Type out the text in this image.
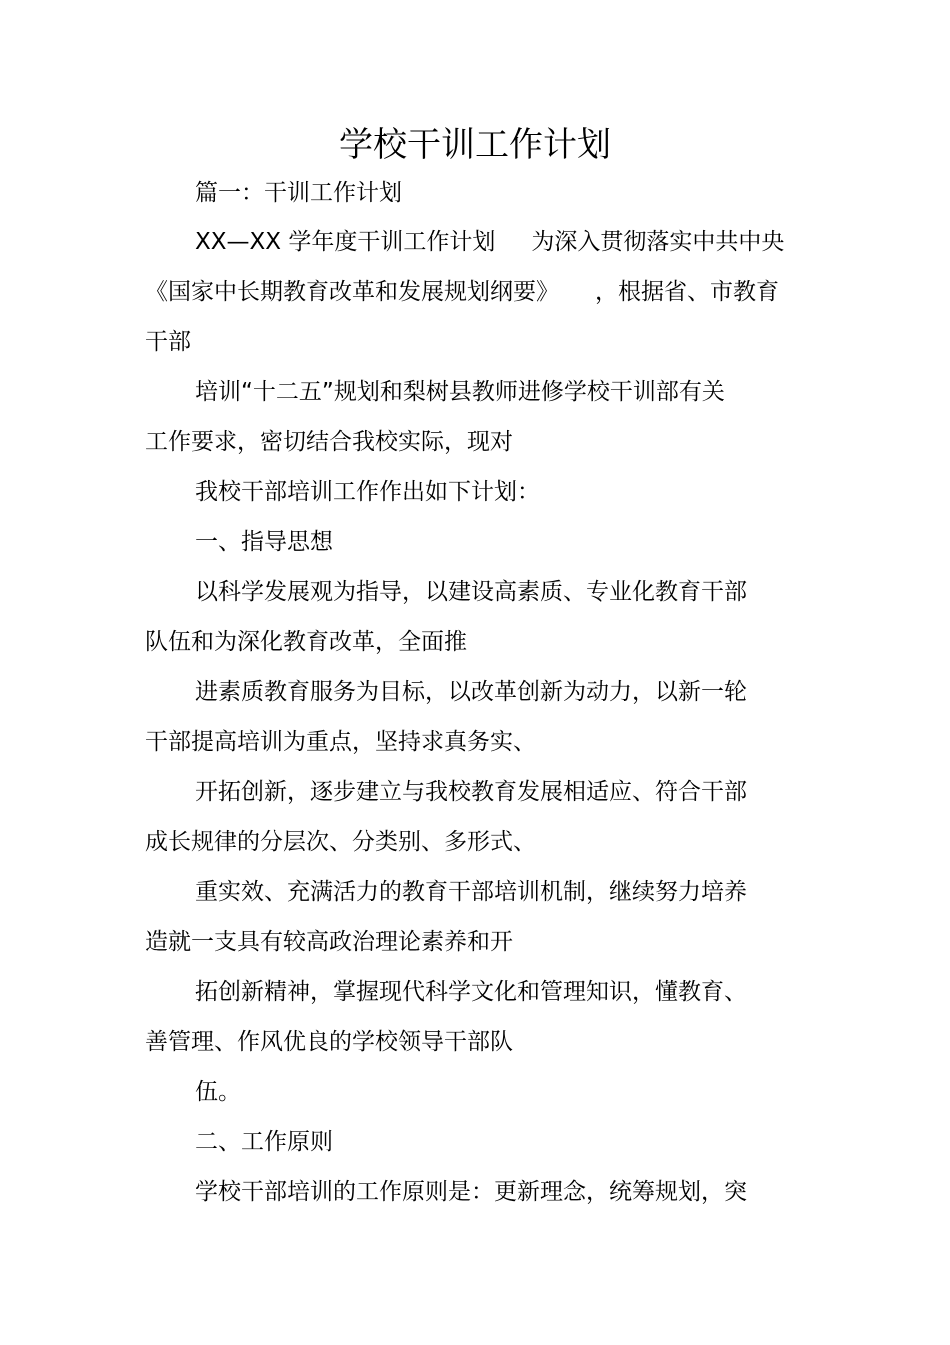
学校干训工作计划
篇一：干训工作计划
XX—XX 学年度干训工作计划 为深入贯彻落实中共中央
《国家中长期教育改革和发展规划纲要》 ，根据省、市教育
干部
培训“十二五”规划和梨树县教师进修学校干训部有关
工作要求，密切结合我校实际，现对
我校干部培训工作作出如下计划：
一、指导思想
以科学发展观为指导，以建设高素质、专业化教育干部
队伍和为深化教育改革，全面推
进素质教育服务为目标，以改革创新为动力，以新一轮
干部提高培训为重点，坚持求真务实、
开拓创新，逐步建立与我校教育发展相适应、符合干部
成长规律的分层次、分类别、多形式、
重实效、充满活力的教育干部培训机制，继续努力培养
造就一支具有较高政治理论素养和开
拓创新精神，掌握现代科学文化和管理知识，懂教育、
善管理、作风优良的学校领导干部队
伍。
二、工作原则
学校干部培训的工作原则是：更新理念，统筹规划，突
